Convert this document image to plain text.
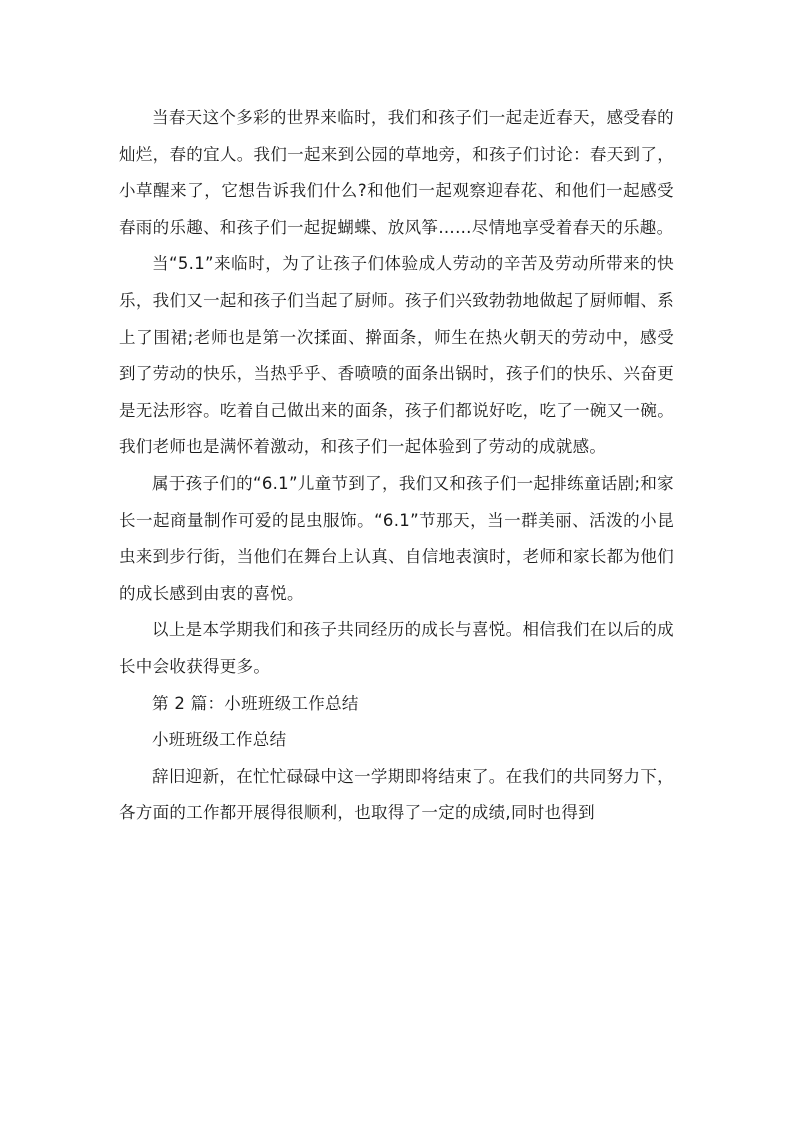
当春天这个多彩的世界来临时，我们和孩子们一起走近春天，感受春的灿烂，春的宜人。我们一起来到公园的草地旁，和孩子们讨论：春天到了，小草醒来了，它想告诉我们什么?和他们一起观察迎春花、和他们一起感受春雨的乐趣、和孩子们一起捉蝴蝶、放风筝……尽情地享受着春天的乐趣。

当“5.1”来临时，为了让孩子们体验成人劳动的辛苦及劳动所带来的快乐，我们又一起和孩子们当起了厨师。孩子们兴致勃勃地做起了厨师帽、系上了围裙;老师也是第一次揉面、擀面条，师生在热火朝天的劳动中，感受到了劳动的快乐，当热乎乎、香喷喷的面条出锅时，孩子们的快乐、兴奋更是无法形容。吃着自己做出来的面条，孩子们都说好吃，吃了一碗又一碗。我们老师也是满怀着激动，和孩子们一起体验到了劳动的成就感。

属于孩子们的“6.1”儿童节到了，我们又和孩子们一起排练童话剧;和家长一起商量制作可爱的昆虫服饰。“6.1”节那天，当一群美丽、活泼的小昆虫来到步行街，当他们在舞台上认真、自信地表演时，老师和家长都为他们的成长感到由衷的喜悦。

以上是本学期我们和孩子共同经历的成长与喜悦。相信我们在以后的成长中会收获得更多。

第 2 篇：小班班级工作总结

小班班级工作总结

辞旧迎新，在忙忙碌碌中这一学期即将结束了。在我们的共同努力下，各方面的工作都开展得很顺利，也取得了一定的成绩,同时也得到
